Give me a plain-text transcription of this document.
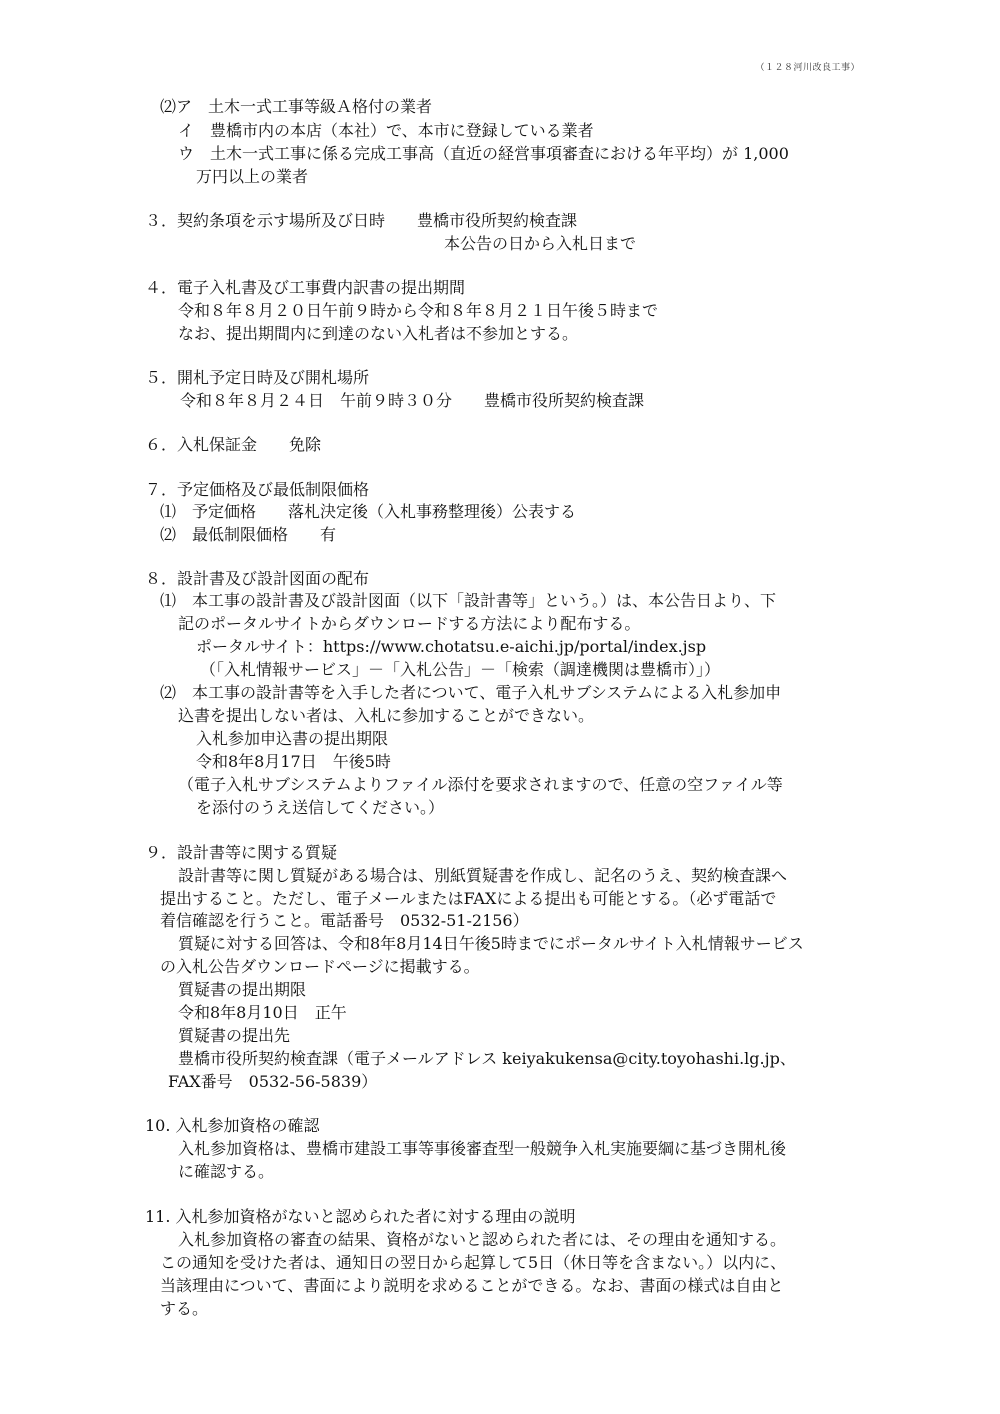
（１２８河川改良工事）
⑵ア　土木一式工事等級Ａ格付の業者
イ　豊橋市内の本店（本社）で、本市に登録している業者
ウ　土木一式工事に係る完成工事高（直近の経営事項審査における年平均）が 1,000
万円以上の業者
３．契約条項を示す場所及び日時　　豊橋市役所契約検査課
本公告の日から入札日まで
４．電子入札書及び工事費内訳書の提出期間
令和８年８月２０日午前９時から令和８年８月２１日午後５時まで
なお、提出期間内に到達のない入札者は不参加とする。
５．開札予定日時及び開札場所
令和８年８月２４日　午前９時３０分　　豊橋市役所契約検査課
６．入札保証金　　免除
７．予定価格及び最低制限価格
⑴　予定価格　　落札決定後（入札事務整理後）公表する
⑵　最低制限価格　　有
８．設計書及び設計図面の配布
⑴　本工事の設計書及び設計図面（以下「設計書等」という。）は、本公告日より、下
記のポータルサイトからダウンロードする方法により配布する。
ポータルサイト：https://www.chotatsu.e-aichi.jp/portal/index.jsp
（「入札情報サービス」－「入札公告」－「検索（調達機関は豊橋市）」）
⑵　本工事の設計書等を入手した者について、電子入札サブシステムによる入札参加申
込書を提出しない者は、入札に参加することができない。
入札参加申込書の提出期限
令和8年8月17日　午後5時
（電子入札サブシステムよりファイル添付を要求されますので、任意の空ファイル等
を添付のうえ送信してください。）
９．設計書等に関する質疑
設計書等に関し質疑がある場合は、別紙質疑書を作成し、記名のうえ、契約検査課へ
提出すること。ただし、電子メールまたはFAXによる提出も可能とする。（必ず電話で
着信確認を行うこと。電話番号　0532-51-2156）
質疑に対する回答は、令和8年8月14日午後5時までにポータルサイト入札情報サービス
の入札公告ダウンロードページに掲載する。
質疑書の提出期限
令和8年8月10日　正午
質疑書の提出先
豊橋市役所契約検査課（電子メールアドレス keiyakukensa@city.toyohashi.lg.jp、
FAX番号　0532-56-5839）
10. 入札参加資格の確認
入札参加資格は、豊橋市建設工事等事後審査型一般競争入札実施要綱に基づき開札後
に確認する。
11. 入札参加資格がないと認められた者に対する理由の説明
入札参加資格の審査の結果、資格がないと認められた者には、その理由を通知する。
この通知を受けた者は、通知日の翌日から起算して5日（休日等を含まない。）以内に、
当該理由について、書面により説明を求めることができる。なお、書面の様式は自由と
する。
